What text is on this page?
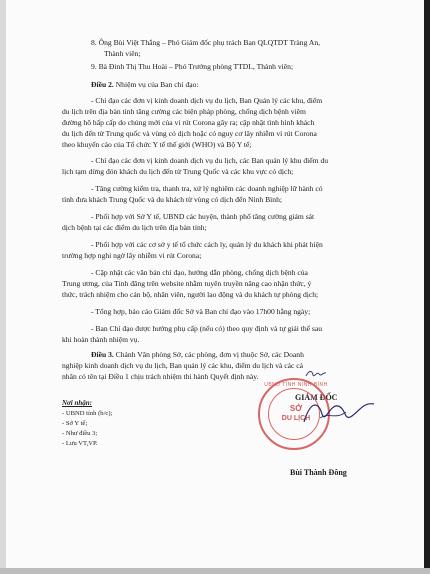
8. Ông Bùi Việt Thắng – Phó Giám đốc phụ trách Ban QLQTDT Tràng An,
Thành viên;
9. Bà Đinh Thị Thu Hoài – Phó Trưởng phòng TTDL, Thành viên;
Điều 2. Nhiệm vụ của Ban chỉ đạo:
- Chỉ đạo các đơn vị kinh doanh dịch vụ du lịch, Ban Quản lý các khu, điểm
du lịch trên địa bàn tỉnh tăng cường các biện pháp phòng, chống dịch bệnh viêm
đường hô hấp cấp do chủng mới của vi rút Corona gây ra; cập nhật tình hình khách
du lịch đến từ Trung quốc và vùng có dịch hoặc có nguy cơ lây nhiễm vi rút Corona
theo khuyến cáo của Tổ chức Y tế thế giới (WHO) và Bộ Y tế;
- Chỉ đạo các đơn vị kinh doanh dịch vụ du lịch, các Ban quản lý khu điểm du
lịch tạm dừng đón khách du lịch đến từ Trung Quốc và các khu vực có dịch;
- Tăng cường kiểm tra, thanh tra, xử lý nghiêm các doanh nghiệp lữ hành có
tình đưa khách Trung Quốc và du khách từ vùng có dịch đến Ninh Bình;
- Phối hợp với Sở Y tế, UBND các huyện, thành phố tăng cường giám sát
dịch bệnh tại các điểm du lịch trên địa bàn tỉnh;
- Phối hợp với các cơ sở y tế tổ chức cách ly, quản lý du khách khi phát hiện
trường hợp nghi ngờ lây nhiễm vi rút Corona;
- Cập nhật các văn bản chỉ đạo, hướng dẫn phòng, chống dịch bệnh của
Trung ương, của Tỉnh đăng trên website nhằm tuyên truyền nâng cao nhận thức, ý
thức, trách nhiệm cho cán bộ, nhân viên, người lao động và du khách tự phòng dịch;
- Tổng hợp, báo cáo Giám đốc Sở và Ban chỉ đạo vào 17h00 hằng ngày;
- Ban Chỉ đạo được hưởng phụ cấp (nếu có) theo quy định và tự giải thể sau
khi hoàn thành nhiệm vụ.
Điều 3. Chánh Văn phòng Sở, các phòng, đơn vị thuộc Sở, các Doanh
nghiệp kinh doanh dịch vụ du lịch, Ban quản lý các khu, điểm du lịch và các cá
nhân có tên tại Điều 1 chịu trách nhiệm thi hành Quyết định này.
Nơi nhận:
- UBND tỉnh (b/c);
- Sở Y tế;
- Như điều 3;
- Lưu VT,VP.
GIÁM ĐỐC
UBND TỈNH NINH BÌNH
SỞ
DU LỊCH
Bùi Thành Đông
